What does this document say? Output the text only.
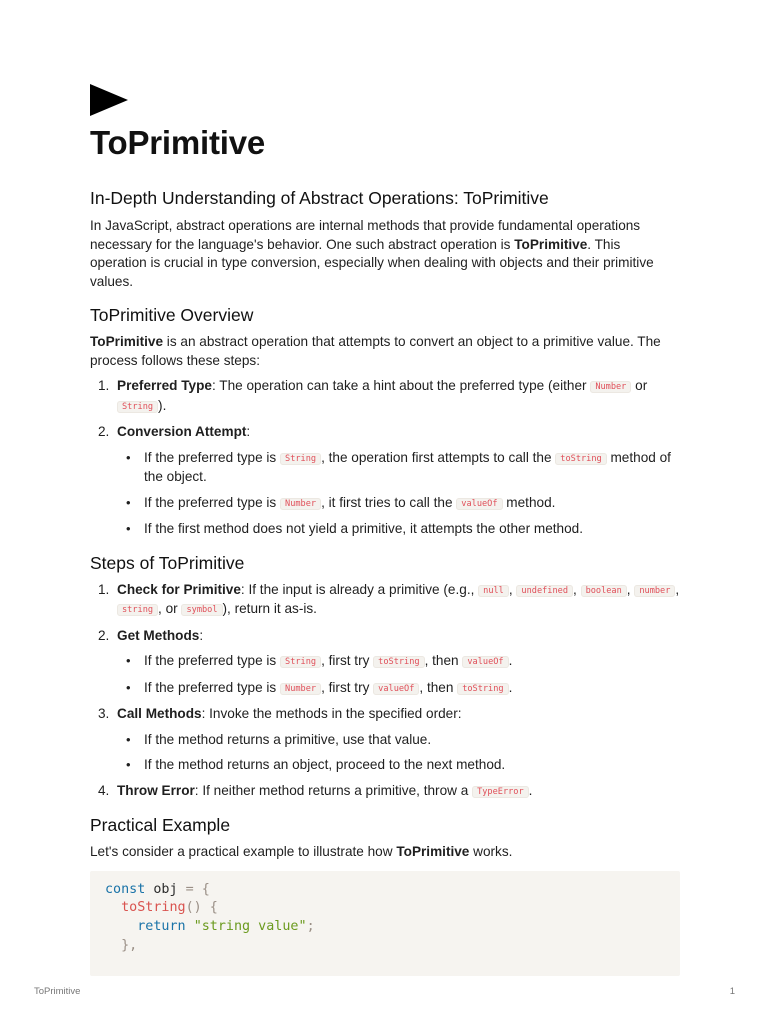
ToPrimitive
In-Depth Understanding of Abstract Operations: ToPrimitive

In JavaScript, abstract operations are internal methods that provide fundamental operations necessary for the language's behavior. One such abstract operation is ToPrimitive. This operation is crucial in type conversion, especially when dealing with objects and their primitive values.

ToPrimitive Overview

ToPrimitive is an abstract operation that attempts to convert an object to a primitive value. The process follows these steps:

1. Preferred Type: The operation can take a hint about the preferred type (either Number or String ).
2. Conversion Attempt:
• If the preferred type is String , the operation first attempts to call the toString method of the object.
• If the preferred type is Number , it first tries to call the valueOf method.
• If the first method does not yield a primitive, it attempts the other method.
Steps of ToPrimitive
1. Check for Primitive: If the input is already a primitive (e.g., null , undefined , boolean , number , string , or symbol ), return it as-is.
2. Get Methods:
• If the preferred type is String , first try toString , then valueOf .
• If the preferred type is Number , first try valueOf , then toString .
3. Call Methods: Invoke the methods in the specified order:
• If the method returns a primitive, use that value.
• If the method returns an object, proceed to the next method.
4. Throw Error: If neither method returns a primitive, throw a TypeError .
Practical Example

Let's consider a practical example to illustrate how ToPrimitive works.

const obj = {
toString() {
return "string value";
},
ToPrimitive	1
